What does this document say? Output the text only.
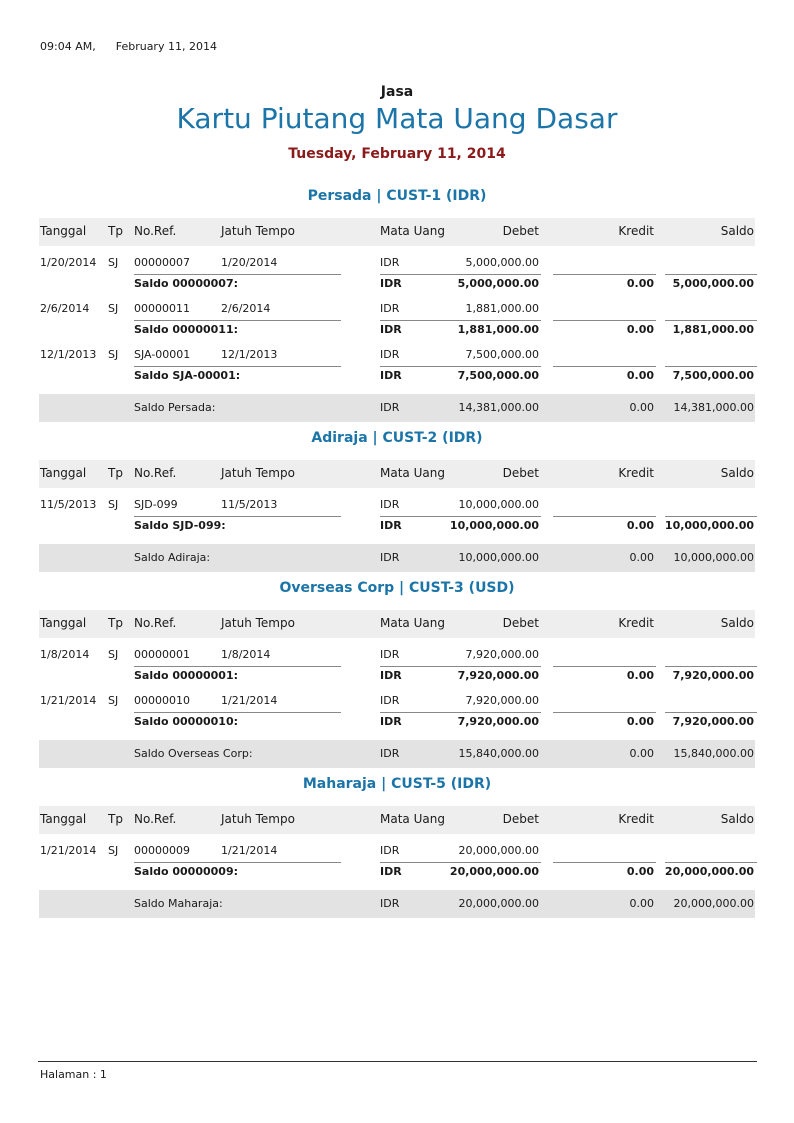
09:04 AM, February 11, 2014
Jasa
Kartu Piutang Mata Uang Dasar
Tuesday, February 11, 2014
Persada | CUST-1 (IDR)
Tanggal Tp No.Ref.	Jatuh Tempo	Mata Uang	Debet	Kredit	Saldo
1/20/2014 SJ 00000007	1/20/2014	IDR	5,000,000.00
Saldo 00000007:	IDR	5,000,000.00	0.00 5,000,000.00
2/6/2014 SJ 00000011	2/6/2014	IDR	1,881,000.00
Saldo 00000011:	IDR	1,881,000.00	0.00 1,881,000.00
12/1/2013 SJ SJA-00001	12/1/2013	IDR	7,500,000.00
Saldo SJA-00001:	IDR	7,500,000.00	0.00 7,500,000.00
Saldo Persada:	IDR	14,381,000.00	0.00 14,381,000.00
Adiraja | CUST-2 (IDR)
Tanggal Tp No.Ref.	Jatuh Tempo	Mata Uang	Debet	Kredit	Saldo
11/5/2013 SJ SJD-099	11/5/2013	IDR	10,000,000.00
Saldo SJD-099:	IDR	10,000,000.00	0.00 10,000,000.00
Saldo Adiraja:	IDR	10,000,000.00	0.00 10,000,000.00
Overseas Corp | CUST-3 (USD)
Tanggal Tp No.Ref.	Jatuh Tempo	Mata Uang	Debet	Kredit	Saldo
1/8/2014 SJ 00000001	1/8/2014	IDR	7,920,000.00
Saldo 00000001:	IDR	7,920,000.00	0.00 7,920,000.00
1/21/2014 SJ 00000010	1/21/2014	IDR	7,920,000.00
Saldo 00000010:	IDR	7,920,000.00	0.00 7,920,000.00
Saldo Overseas Corp:	IDR	15,840,000.00	0.00 15,840,000.00
Maharaja | CUST-5 (IDR)
Tanggal Tp No.Ref.	Jatuh Tempo	Mata Uang	Debet	Kredit	Saldo
1/21/2014 SJ 00000009	1/21/2014	IDR	20,000,000.00
Saldo 00000009:	IDR	20,000,000.00	0.00 20,000,000.00
Saldo Maharaja:	IDR	20,000,000.00	0.00 20,000,000.00
Halaman : 1
